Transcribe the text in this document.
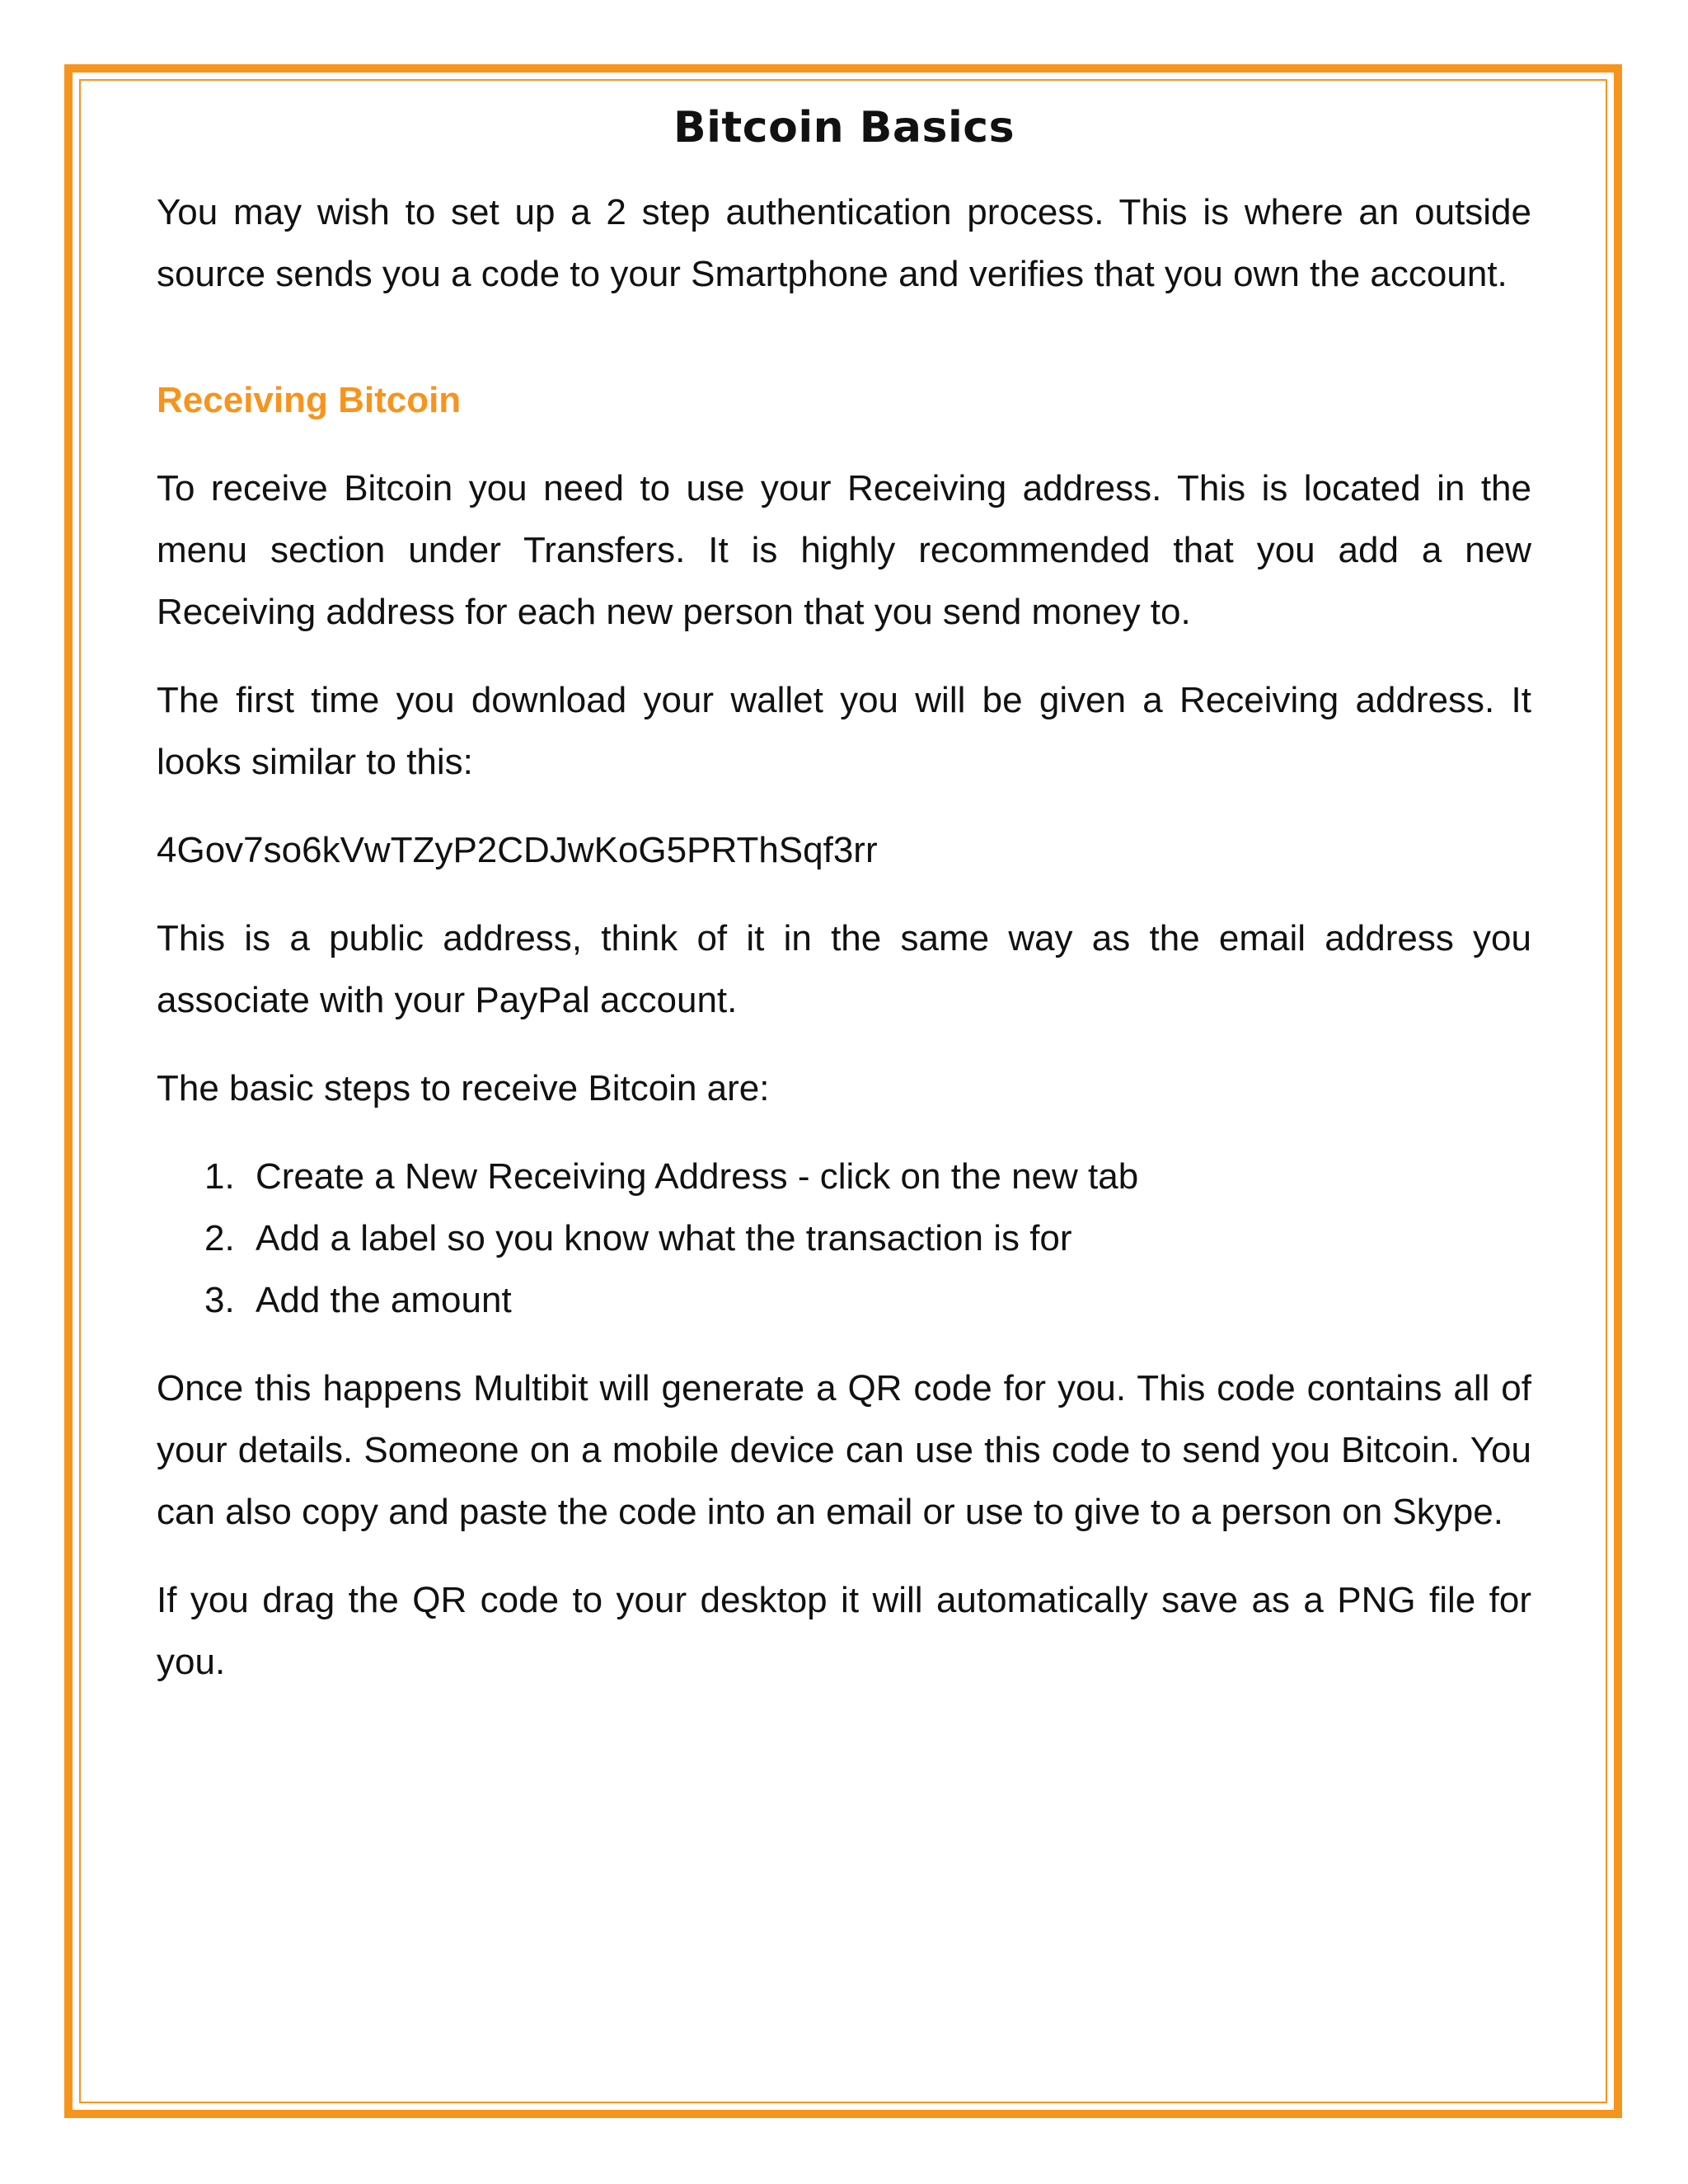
Bitcoin Basics

You may wish to set up a 2 step authentication process. This is where an outside source sends you a code to your Smartphone and verifies that you own the account.

Receiving Bitcoin

To receive Bitcoin you need to use your Receiving address. This is located in the menu section under Transfers. It is highly recommended that you add a new Receiving address for each new person that you send money to.

The first time you download your wallet you will be given a Receiving address. It looks similar to this:

4Gov7so6kVwTZyP2CDJwKoG5PRThSqf3rr

This is a public address, think of it in the same way as the email address you associate with your PayPal account.

The basic steps to receive Bitcoin are:

1. Create a New Receiving Address - click on the new tab
2. Add a label so you know what the transaction is for
3. Add the amount

Once this happens Multibit will generate a QR code for you. This code contains all of your details. Someone on a mobile device can use this code to send you Bitcoin. You can also copy and paste the code into an email or use to give to a person on Skype.

If you drag the QR code to your desktop it will automatically save as a PNG file for you.
